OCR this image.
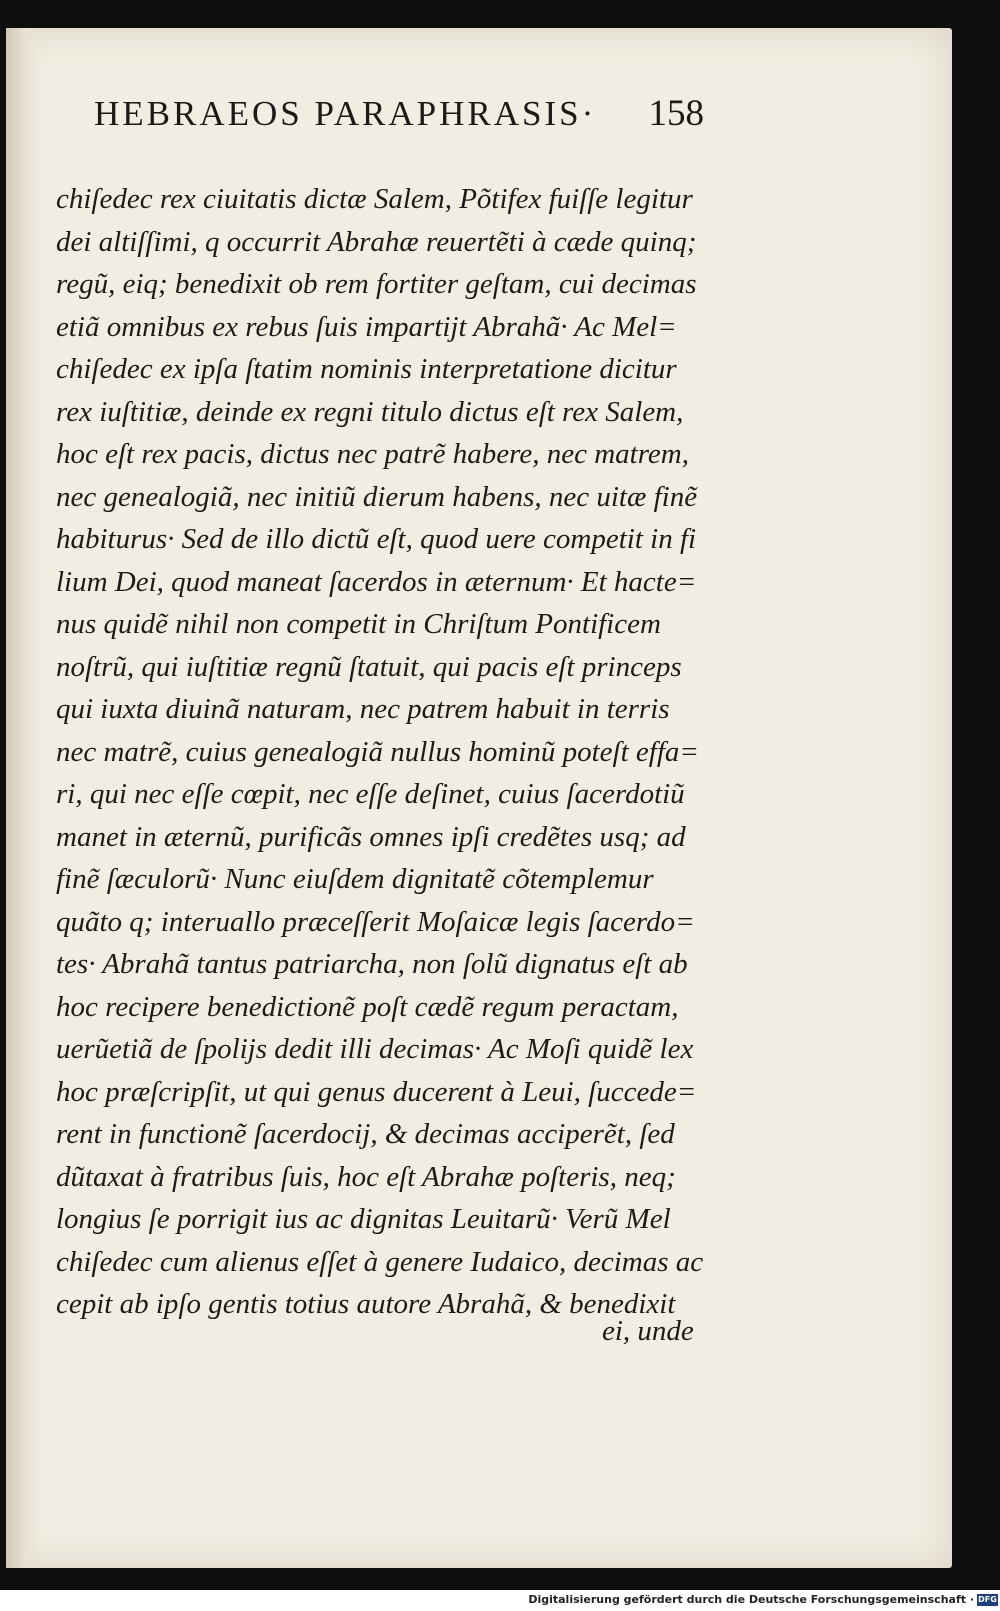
HEBRAEOS PARAPHRASIS· 158
chiſedec rex ciuitatis dictæ Salem, Põtifex fuiſſe legitur
dei altiſſimi, q occurrit Abrahæ reuertẽti à cæde quinq;
regũ, eiq; benedixit ob rem fortiter geſtam, cui decimas
etiã omnibus ex rebus ſuis impartijt Abrahã· Ac Mel=
chiſedec ex ipſa ſtatim nominis interpretatione dicitur
rex iuſtitiæ, deinde ex regni titulo dictus eſt rex Salem,
hoc eſt rex pacis, dictus nec patrẽ habere, nec matrem,
nec genealogiã, nec initiũ dierum habens, nec uitæ finẽ
habiturus· Sed de illo dictũ eſt, quod uere competit in fi
lium Dei, quod maneat ſacerdos in æternum· Et hacte=
nus quidẽ nihil non competit in Chriſtum Pontificem
noſtrũ, qui iuſtitiæ regnũ ſtatuit, qui pacis eſt princeps
qui iuxta diuinã naturam, nec patrem habuit in terris
nec matrẽ, cuius genealogiã nullus hominũ poteſt effa=
ri, qui nec eſſe cœpit, nec eſſe deſinet, cuius ſacerdotiũ
manet in æternũ, purificãs omnes ipſi credẽtes usq; ad
finẽ ſæculorũ· Nunc eiuſdem dignitatẽ cõtemplemur
quãto q; interuallo præceſſerit Moſaicæ legis ſacerdo=
tes· Abrahã tantus patriarcha, non ſolũ dignatus eſt ab
hoc recipere benedictionẽ poſt cædẽ regum peractam,
uerũetiã de ſpolijs dedit illi decimas· Ac Moſi quidẽ lex
hoc præſcripſit, ut qui genus ducerent à Leui, ſuccede=
rent in functionẽ ſacerdocij, & decimas acciperẽt, ſed
dũtaxat à fratribus ſuis, hoc eſt Abrahæ poſteris, neq;
longius ſe porrigit ius ac dignitas Leuitarũ· Verũ Mel
chiſedec cum alienus eſſet à genere Iudaico, decimas ac
cepit ab ipſo gentis totius autore Abrahã, & benedixit
ei, unde
Digitalisierung gefördert durch die Deutsche Forschungsgemeinschaft · DFG
